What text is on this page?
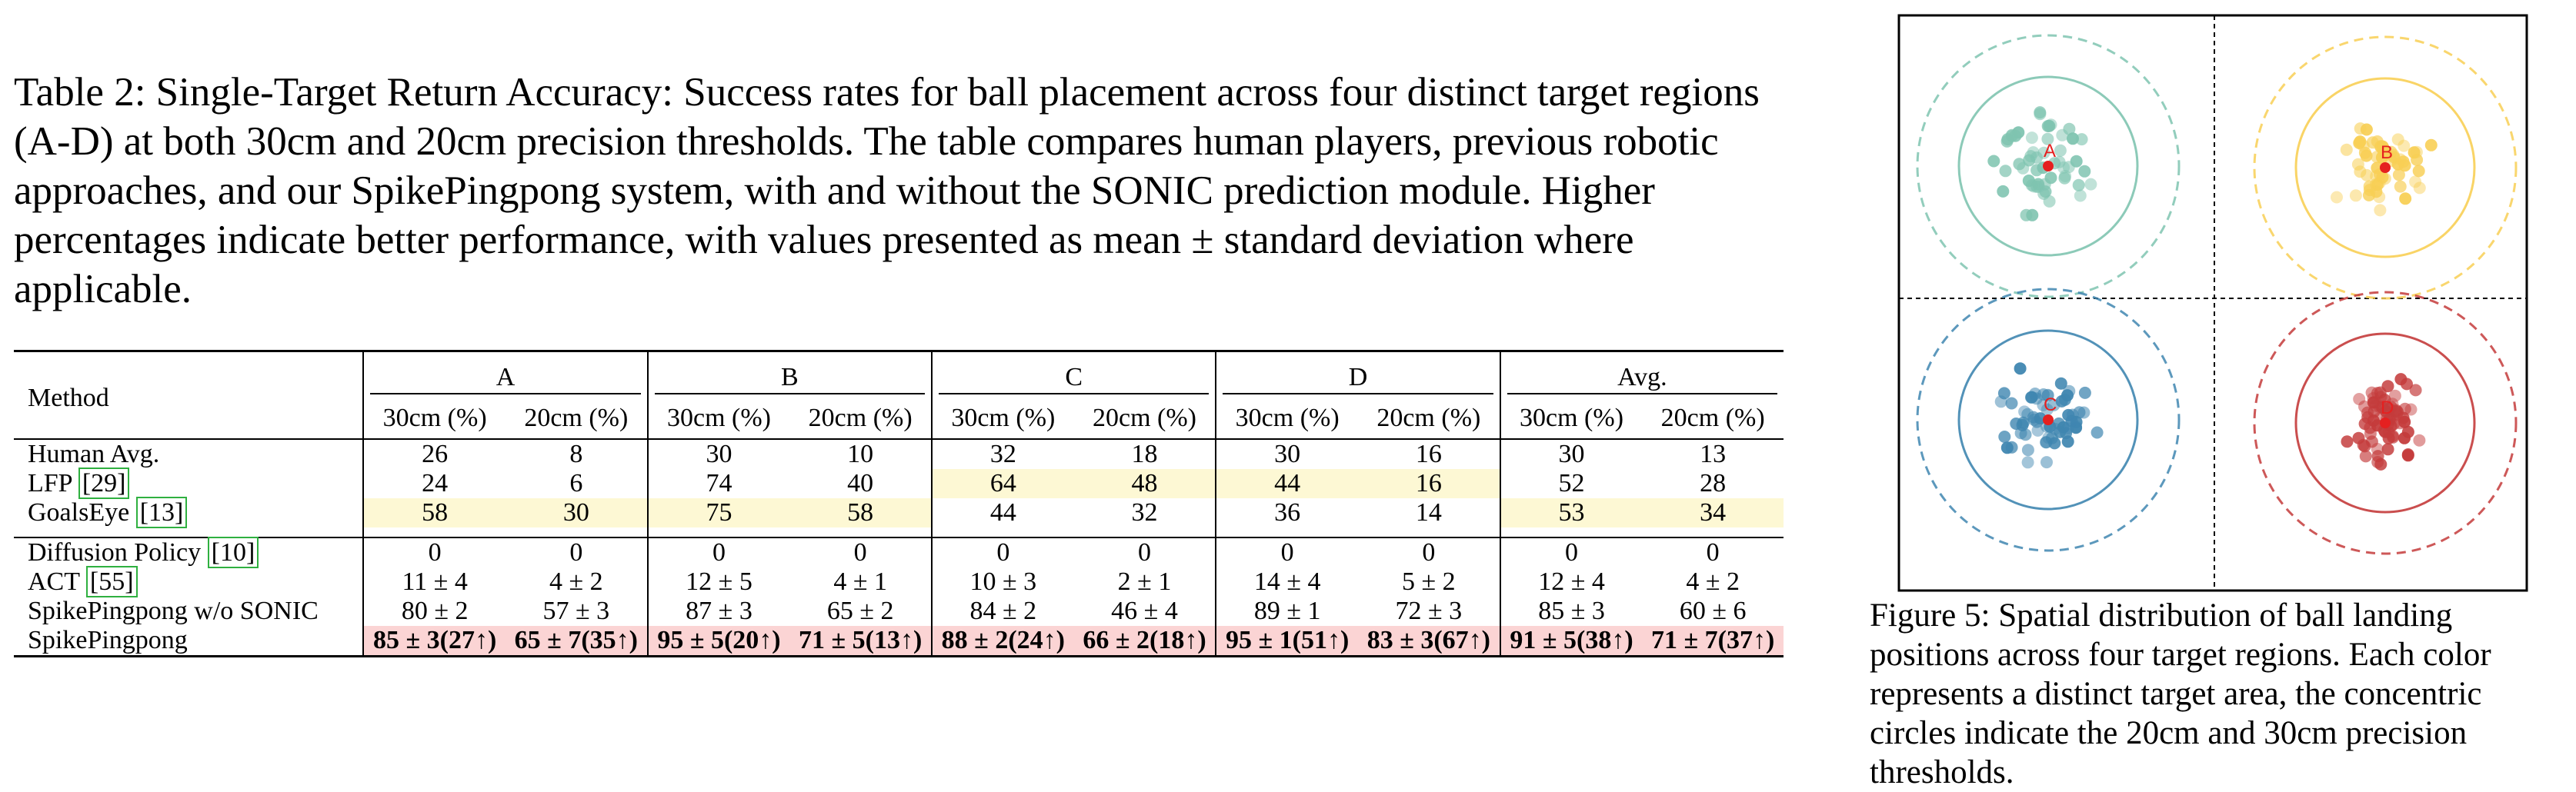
Table 2: Single-Target Return Accuracy: Success rates for ball placement across four distinct target regions (A-D) at both 30cm and 20cm precision thresholds. The table compares human players, previous robotic approaches, and our SpikePingpong system, with and without the SONIC prediction module. Higher percentages indicate better performance, with values presented as mean ± standard deviation where applicable.

Method	A		B		C		D		Avg.	

	30cm (%)	20cm (%)	30cm (%)	20cm (%)	30cm (%)	20cm (%)	30cm (%)	20cm (%)	30cm (%)	20cm (%)
Human Avg.	26	8	30	10	32	18	30	16	30	13
LFP [29]	24	6	74	40	64	48	44	16	52	28
GoalsEye [13]	58	30	75	58	44	32	36	14	53	34

Diffusion Policy [10]	0	0	0	0	0	0	0	0	0	0
ACT [55]	11 ± 4	4 ± 2	12 ± 5	4 ± 1	10 ± 3	2 ± 1	14 ± 4	5 ± 2	12 ± 4	4 ± 2
SpikePingpong w/o SONIC	80 ± 2	57 ± 3	87 ± 3	65 ± 2	84 ± 2	46 ± 4	89 ± 1	72 ± 3	85 ± 3	60 ± 6
SpikePingpong	85 ± 3(27↑)	65 ± 7(35↑)	95 ± 5(20↑)	71 ± 5(13↑)	88 ± 2(24↑)	66 ± 2(18↑)	95 ± 1(51↑)	83 ± 3(67↑)	91 ± 5(38↑)	71 ± 7(37↑)
A	B
C	D

Figure 5: Spatial distribution of ball landing positions across four target regions. Each color represents a distinct target area, the concentric circles indicate the 20cm and 30cm precision thresholds.
